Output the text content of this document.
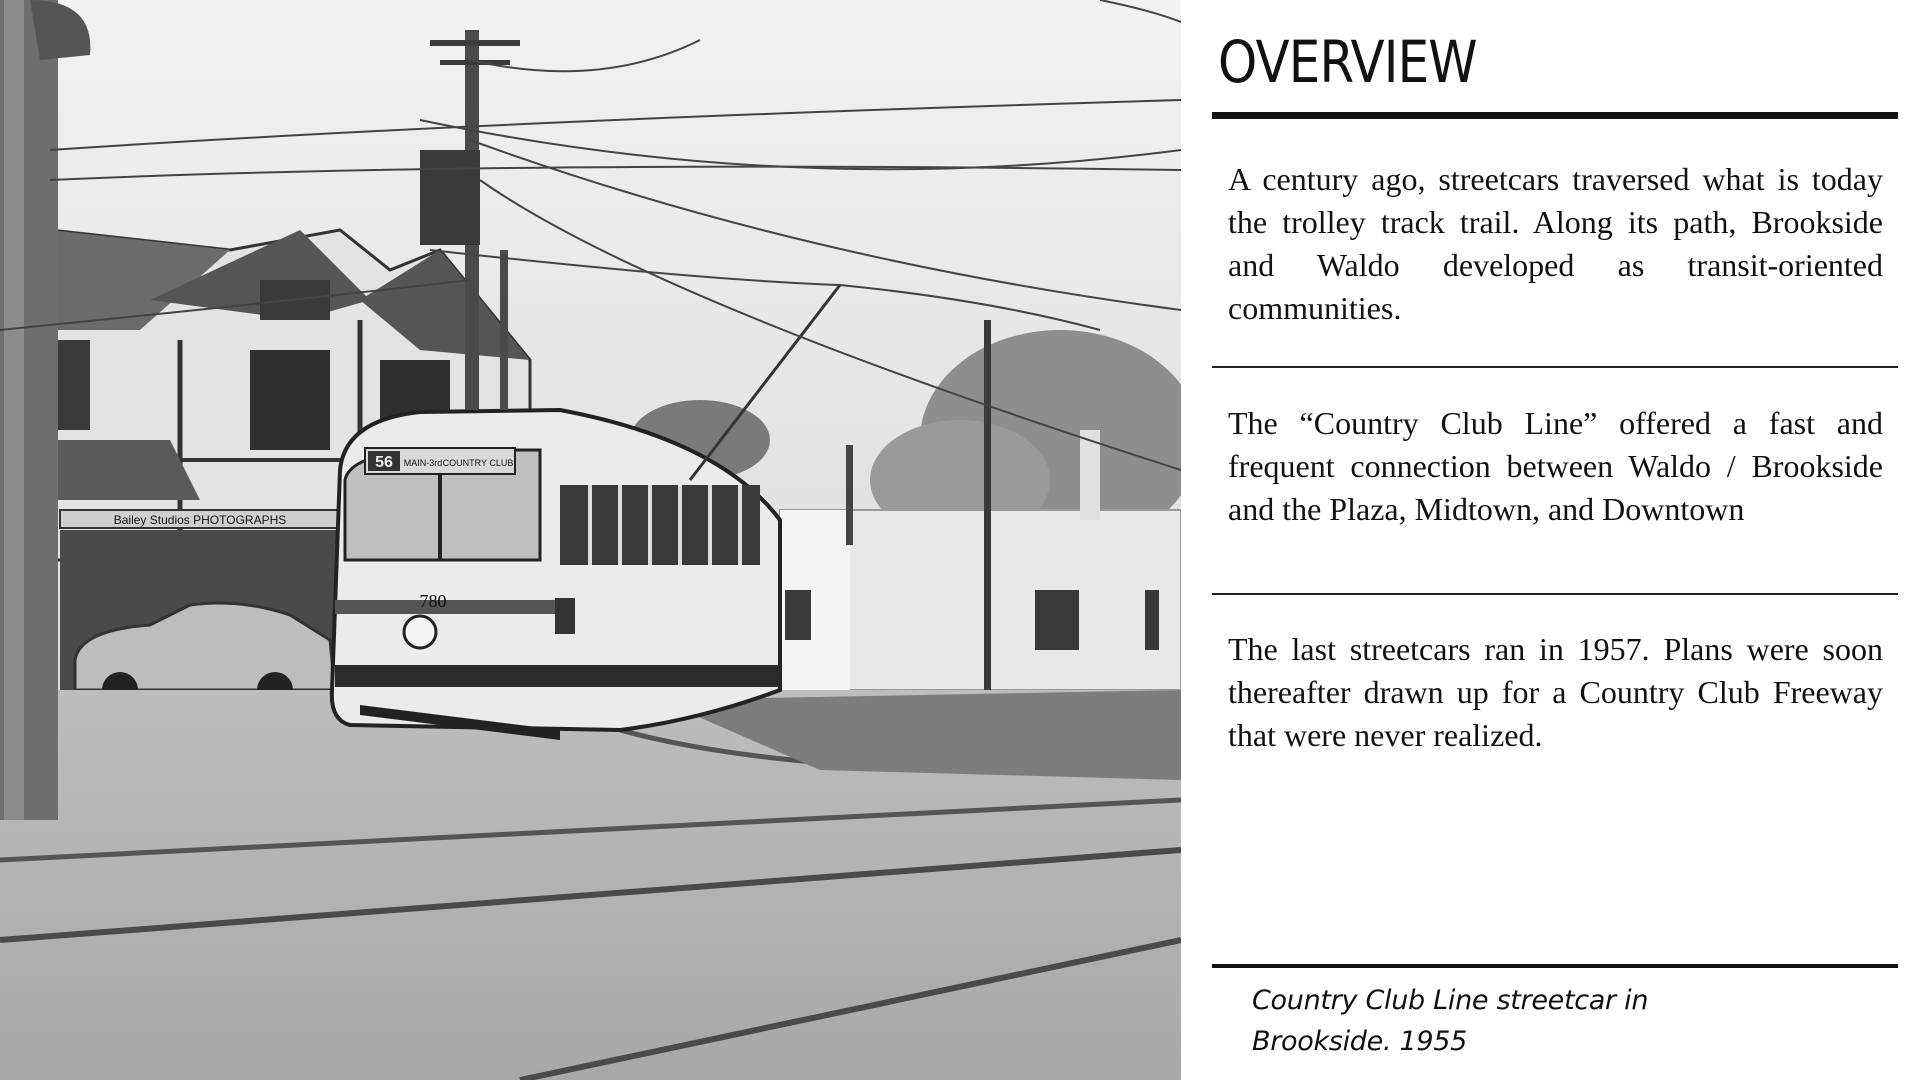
Bailey Studios PHOTOGRAPHS
56 MAIN-3rd COUNTRY CLUB
780
OVERVIEW

A century ago, streetcars traversed what is today the trolley track trail. Along its path, Brookside and Waldo developed as transit-oriented communities.

The “Country Club Line” offered a fast and frequent connection between Waldo / Brookside and the Plaza, Midtown, and Downtown

The last streetcars ran in 1957. Plans were soon thereafter drawn up for a Country Club Freeway that were never realized.

Country Club Line streetcar in
Brookside. 1955
